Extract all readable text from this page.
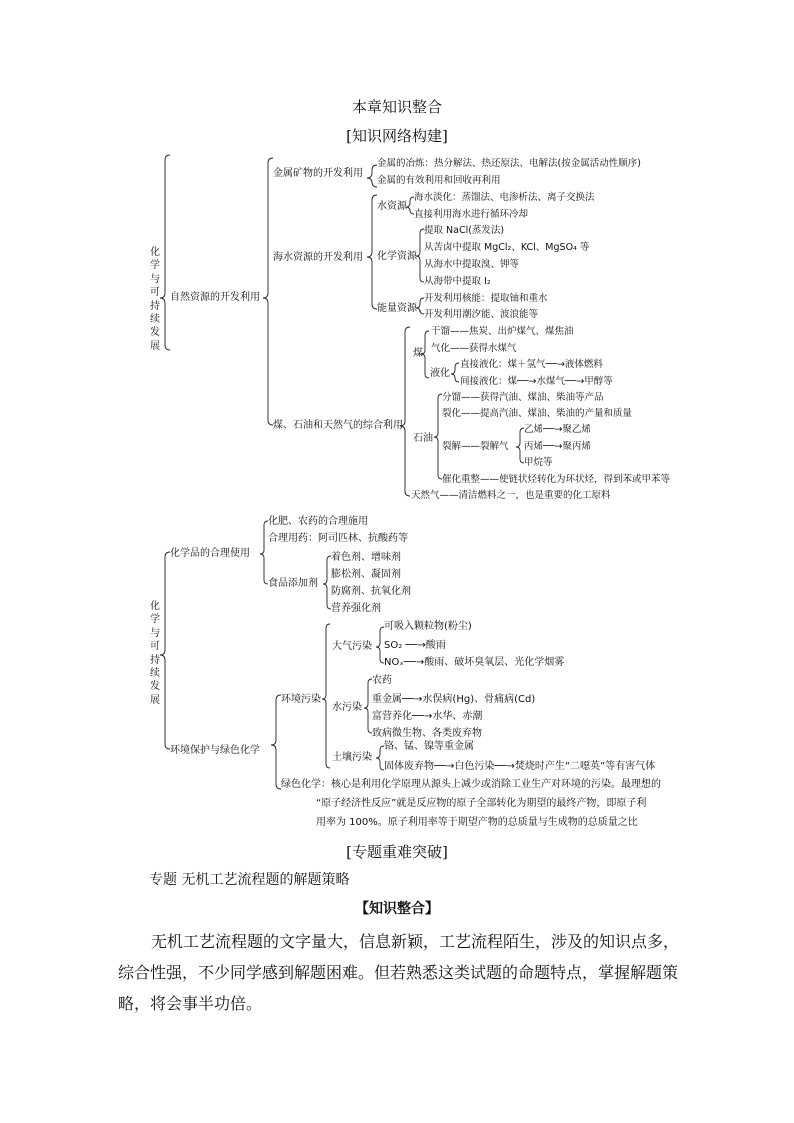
本章知识整合
[知识网络构建]
化学与可持续发展
自然资源的开发利用
金属矿物的开发利用
金属的冶炼：热分解法、热还原法、电解法(按金属活动性顺序)
金属的有效利用和回收再利用
海水资源的开发利用
水资源
海水淡化：蒸馏法、电渗析法、离子交换法
直接利用海水进行循环冷却
化学资源
提取 NaCl(蒸发法)
从苦卤中提取 MgCl₂、KCl、MgSO₄ 等
从海水中提取溴、钾等
从海带中提取 I₂
能量资源
开发利用核能：提取铀和重水
开发利用潮汐能、波浪能等
煤、石油和天然气的综合利用
煤
干馏——焦炭、出炉煤气、煤焦油
气化——获得水煤气
液化
直接液化：煤＋氢气──→液体燃料
间接液化：煤──→水煤气──→甲醇等
石油
分馏——获得汽油、煤油、柴油等产品
裂化——提高汽油、煤油、柴油的产量和质量
裂解——裂解气
乙烯──→聚乙烯
丙烯──→聚丙烯
甲烷等
催化重整——使链状烃转化为环状烃，得到苯或甲苯等
天然气——清洁燃料之一，也是重要的化工原料
化学与可持续发展
化学品的合理使用
化肥、农药的合理施用
合理用药：阿司匹林、抗酸药等
食品添加剂
着色剂、增味剂
膨松剂、凝固剂
防腐剂、抗氧化剂
营养强化剂
环境保护与绿色化学
环境污染
大气污染
可吸入颗粒物(粉尘)
SO₂ ──→酸雨
NOₓ──→酸雨、破坏臭氧层、光化学烟雾
水污染
农药
重金属──→水俣病(Hg)、骨痛病(Cd)
富营养化──→水华、赤潮
致病微生物、各类废弃物
土壤污染
铬、锰、镍等重金属
固体废弃物──→白色污染──→焚烧时产生“二噁英”等有害气体
绿色化学：核心是利用化学原理从源头上减少或消除工业生产对环境的污染。最理想的
“原子经济性反应”就是反应物的原子全部转化为期望的最终产物，即原子利
用率为 100%。原子利用率等于期望产物的总质量与生成物的总质量之比
[专题重难突破]
专题 无机工艺流程题的解题策略
【知识整合】
无机工艺流程题的文字量大，信息新颖，工艺流程陌生，涉及的知识点多，
综合性强，不少同学感到解题困难。但若熟悉这类试题的命题特点，掌握解题策
略，将会事半功倍。
